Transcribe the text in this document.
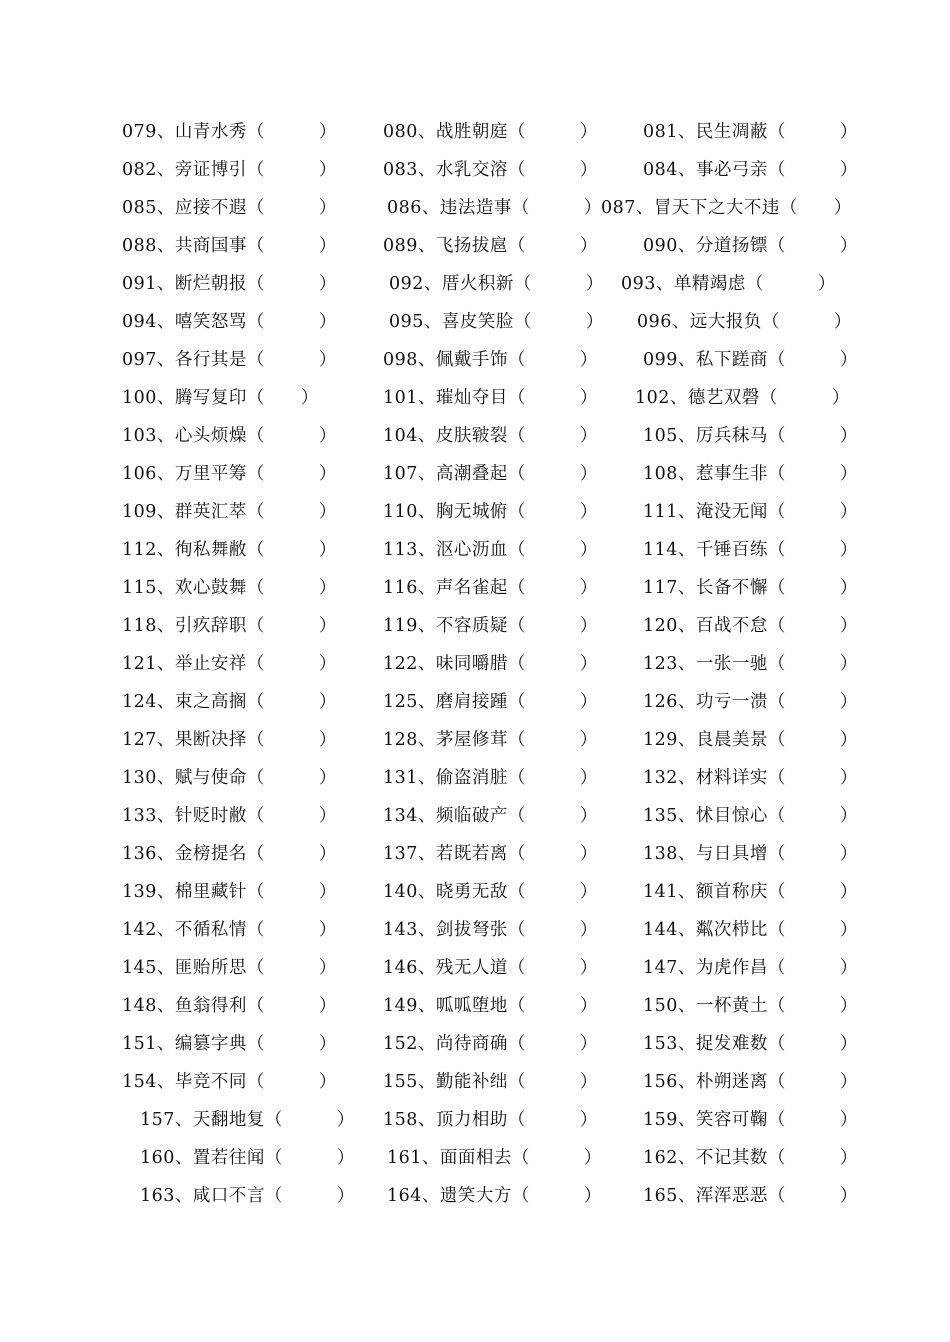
079、山青水秀（　　　）	080、战胜朝庭（　　　）	081、民生凋蔽（　　　）
082、旁证博引（　　　）	083、水乳交溶（　　　）	084、事必弓亲（　　　）
085、应接不遐（　　　）	086、违法造事（　　　） 087、冒天下之大不违（　　）
088、共商国事（　　　）	089、飞扬拔扈（　　　）	090、分道扬镖（　　　）
091、断烂朝报（　　　）	092、厝火积新（　　　） 093、单精竭虑（　　　）
094、嘻笑怒骂（　　　）	095、喜皮笑脸（　　　） 096、远大报负（　　　）
097、各行其是（　　　）	098、佩戴手饰（　　　）	099、私下蹉商（　　　）
100、腾写复印（　　）	101、璀灿夺目（　　　） 102、德艺双磬（　　　）
103、心头烦燥（　　　）	104、皮肤皲裂（　　　）	105、厉兵秣马（　　　）
106、万里平筹（　　　）	107、高潮叠起（　　　）	108、惹事生非（　　　）
109、群英汇萃（　　　）	110、胸无城俯（　　　）	111、淹没无闻（　　　）
112、徇私舞敝（　　　）	113、沤心沥血（　　　）	114、千锤百练（　　　）
115、欢心鼓舞（　　　）	116、声名雀起（　　　）	117、长备不懈（　　　）
118、引疚辞职（　　　）	119、不容质疑（　　　）	120、百战不怠（　　　）
121、举止安祥（　　　）	122、味同嚼腊（　　　）	123、一张一驰（　　　）
124、束之高搁（　　　）	125、磨肩接踵（　　　）	126、功亏一溃（　　　）
127、果断决择（　　　）	128、茅屋修茸（　　　）	129、良晨美景（　　　）
130、赋与使命（　　　）	131、偷盗消脏（　　　）	132、材料详实（　　　）
133、针贬时敝（　　　）	134、频临破产（　　　）	135、怵目惊心（　　　）
136、金榜提名（　　　）	137、若既若离（　　　）	138、与日具增（　　　）
139、棉里藏针（　　　）	140、晓勇无敌（　　　）	141、额首称庆（　　　）
142、不循私情（　　　）	143、剑拔弩张（　　　）	144、粼次栉比（　　　）
145、匪贻所思（　　　）	146、残无人道（　　　）	147、为虎作昌（　　　）
148、鱼翁得利（　　　）	149、呱呱堕地（　　　）	150、一杯黄土（　　　）
151、编篡字典（　　　）	152、尚待商确（　　　）	153、捉发难数（　　　）
154、毕竞不同（　　　）	155、勤能补绌（　　　）	156、朴朔迷离（　　　）
157、天翻地复（　　　） 158、顶力相助（　　　）	159、笑容可鞠（　　　）
160、置若往闻（　　　） 161、面面相去（　　　） 162、不记其数（　　　）
163、咸口不言（　　　） 164、遗笑大方（　　　） 165、浑浑恶恶（　　　）
